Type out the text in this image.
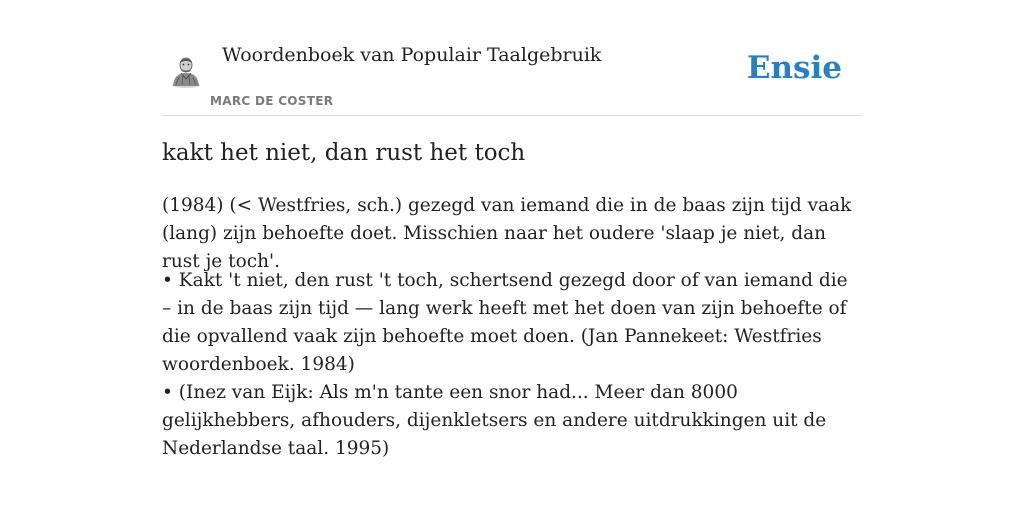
Woordenboek van Populair Taalgebruik
MARC DE COSTER
Ensie
kakt het niet, dan rust het toch

(1984) (< Westfries, sch.) gezegd van iemand die in de baas zijn tijd vaak (lang) zijn behoefte doet. Misschien naar het oudere 'slaap je niet, dan rust je toch'.

• Kakt 't niet, den rust 't toch, schertsend gezegd door of van iemand die – in de baas zijn tijd — lang werk heeft met het doen van zijn behoefte of die opvallend vaak zijn behoefte moet doen. (Jan Pannekeet: Westfries woordenboek. 1984)
• (Inez van Eijk: Als m'n tante een snor had... Meer dan 8000 gelijkhebbers, afhouders, dijenkletsers en andere uitdrukkingen uit de Nederlandse taal. 1995)
